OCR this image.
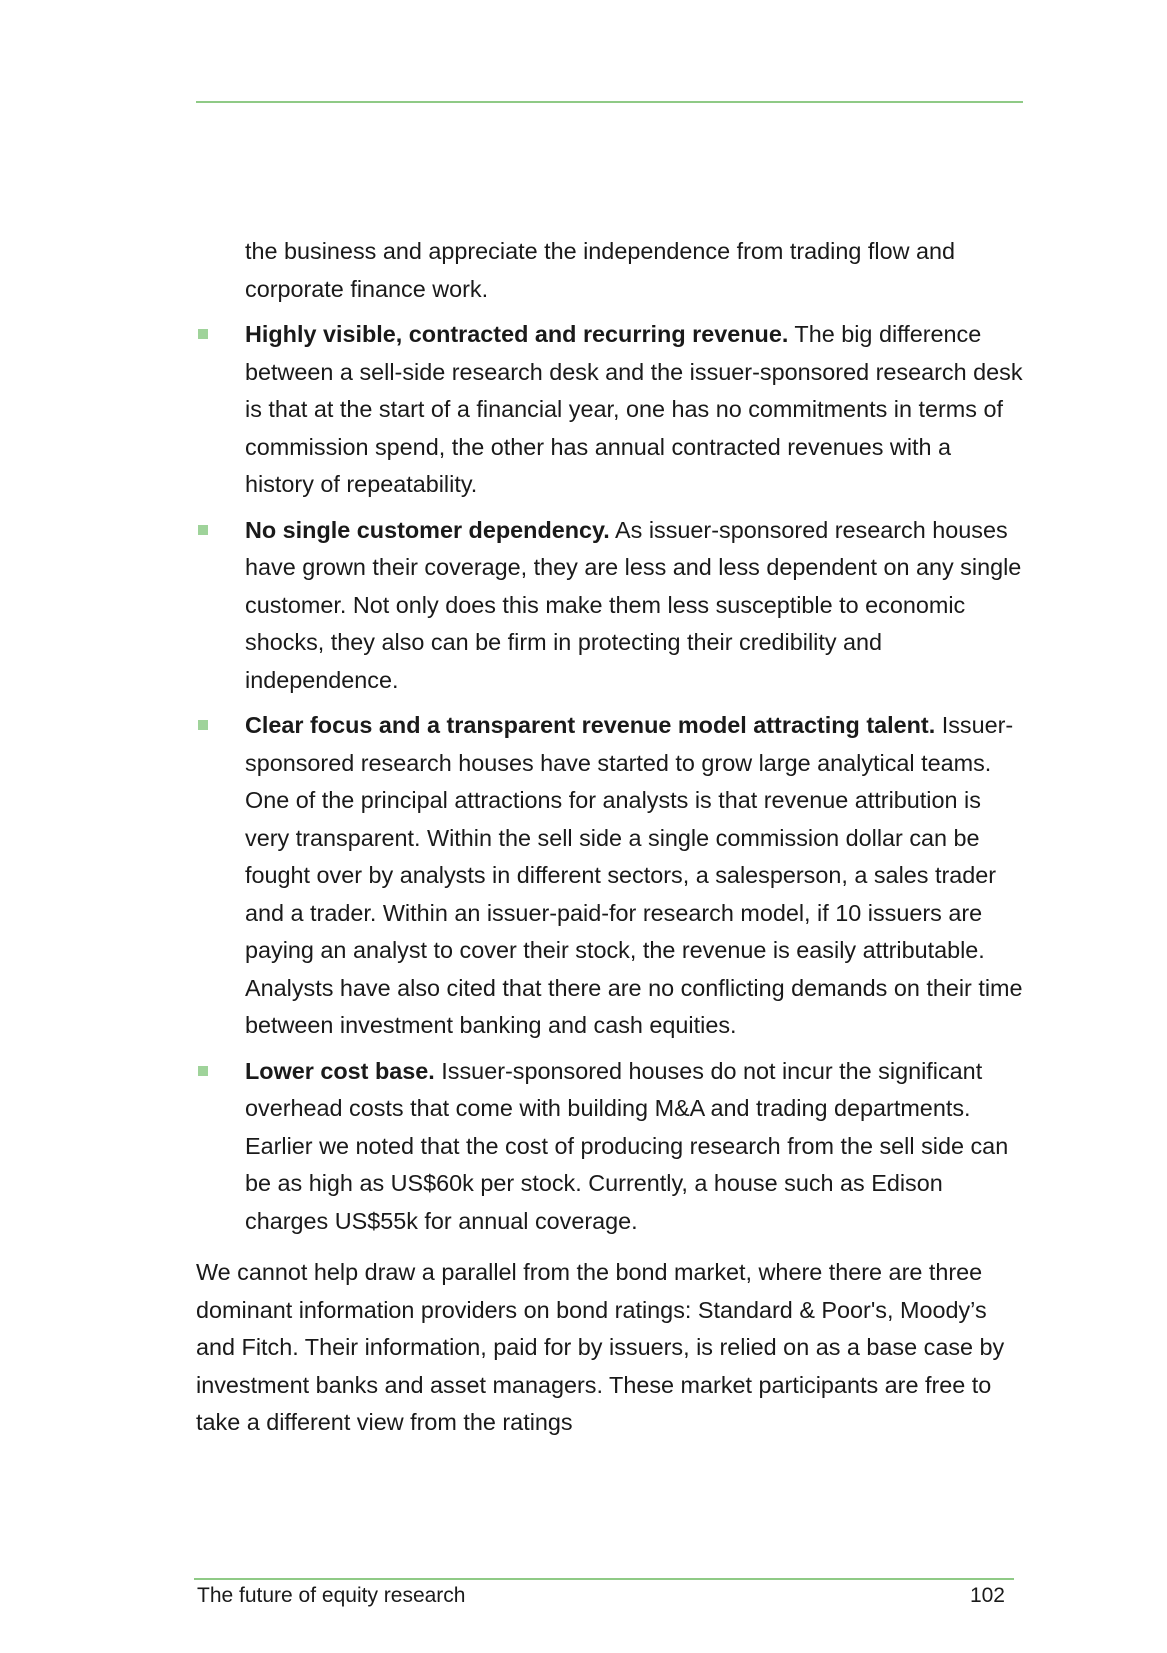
the business and appreciate the independence from trading flow and corporate finance work.

Highly visible, contracted and recurring revenue. The big difference between a sell-side research desk and the issuer-sponsored research desk is that at the start of a financial year, one has no commitments in terms of commission spend, the other has annual contracted revenues with a history of repeatability.
No single customer dependency. As issuer-sponsored research houses have grown their coverage, they are less and less dependent on any single customer. Not only does this make them less susceptible to economic shocks, they also can be firm in protecting their credibility and independence.
Clear focus and a transparent revenue model attracting talent. Issuer-sponsored research houses have started to grow large analytical teams. One of the principal attractions for analysts is that revenue attribution is very transparent. Within the sell side a single commission dollar can be fought over by analysts in different sectors, a salesperson, a sales trader and a trader. Within an issuer-paid-for research model, if 10 issuers are paying an analyst to cover their stock, the revenue is easily attributable. Analysts have also cited that there are no conflicting demands on their time between investment banking and cash equities.
Lower cost base. Issuer-sponsored houses do not incur the significant overhead costs that come with building M&A and trading departments. Earlier we noted that the cost of producing research from the sell side can be as high as US$60k per stock. Currently, a house such as Edison charges US$55k for annual coverage.

We cannot help draw a parallel from the bond market, where there are three dominant information providers on bond ratings: Standard & Poor's, Moody’s and Fitch. Their information, paid for by issuers, is relied on as a base case by investment banks and asset managers. These market participants are free to take a different view from the ratings

The future of equity research	102
